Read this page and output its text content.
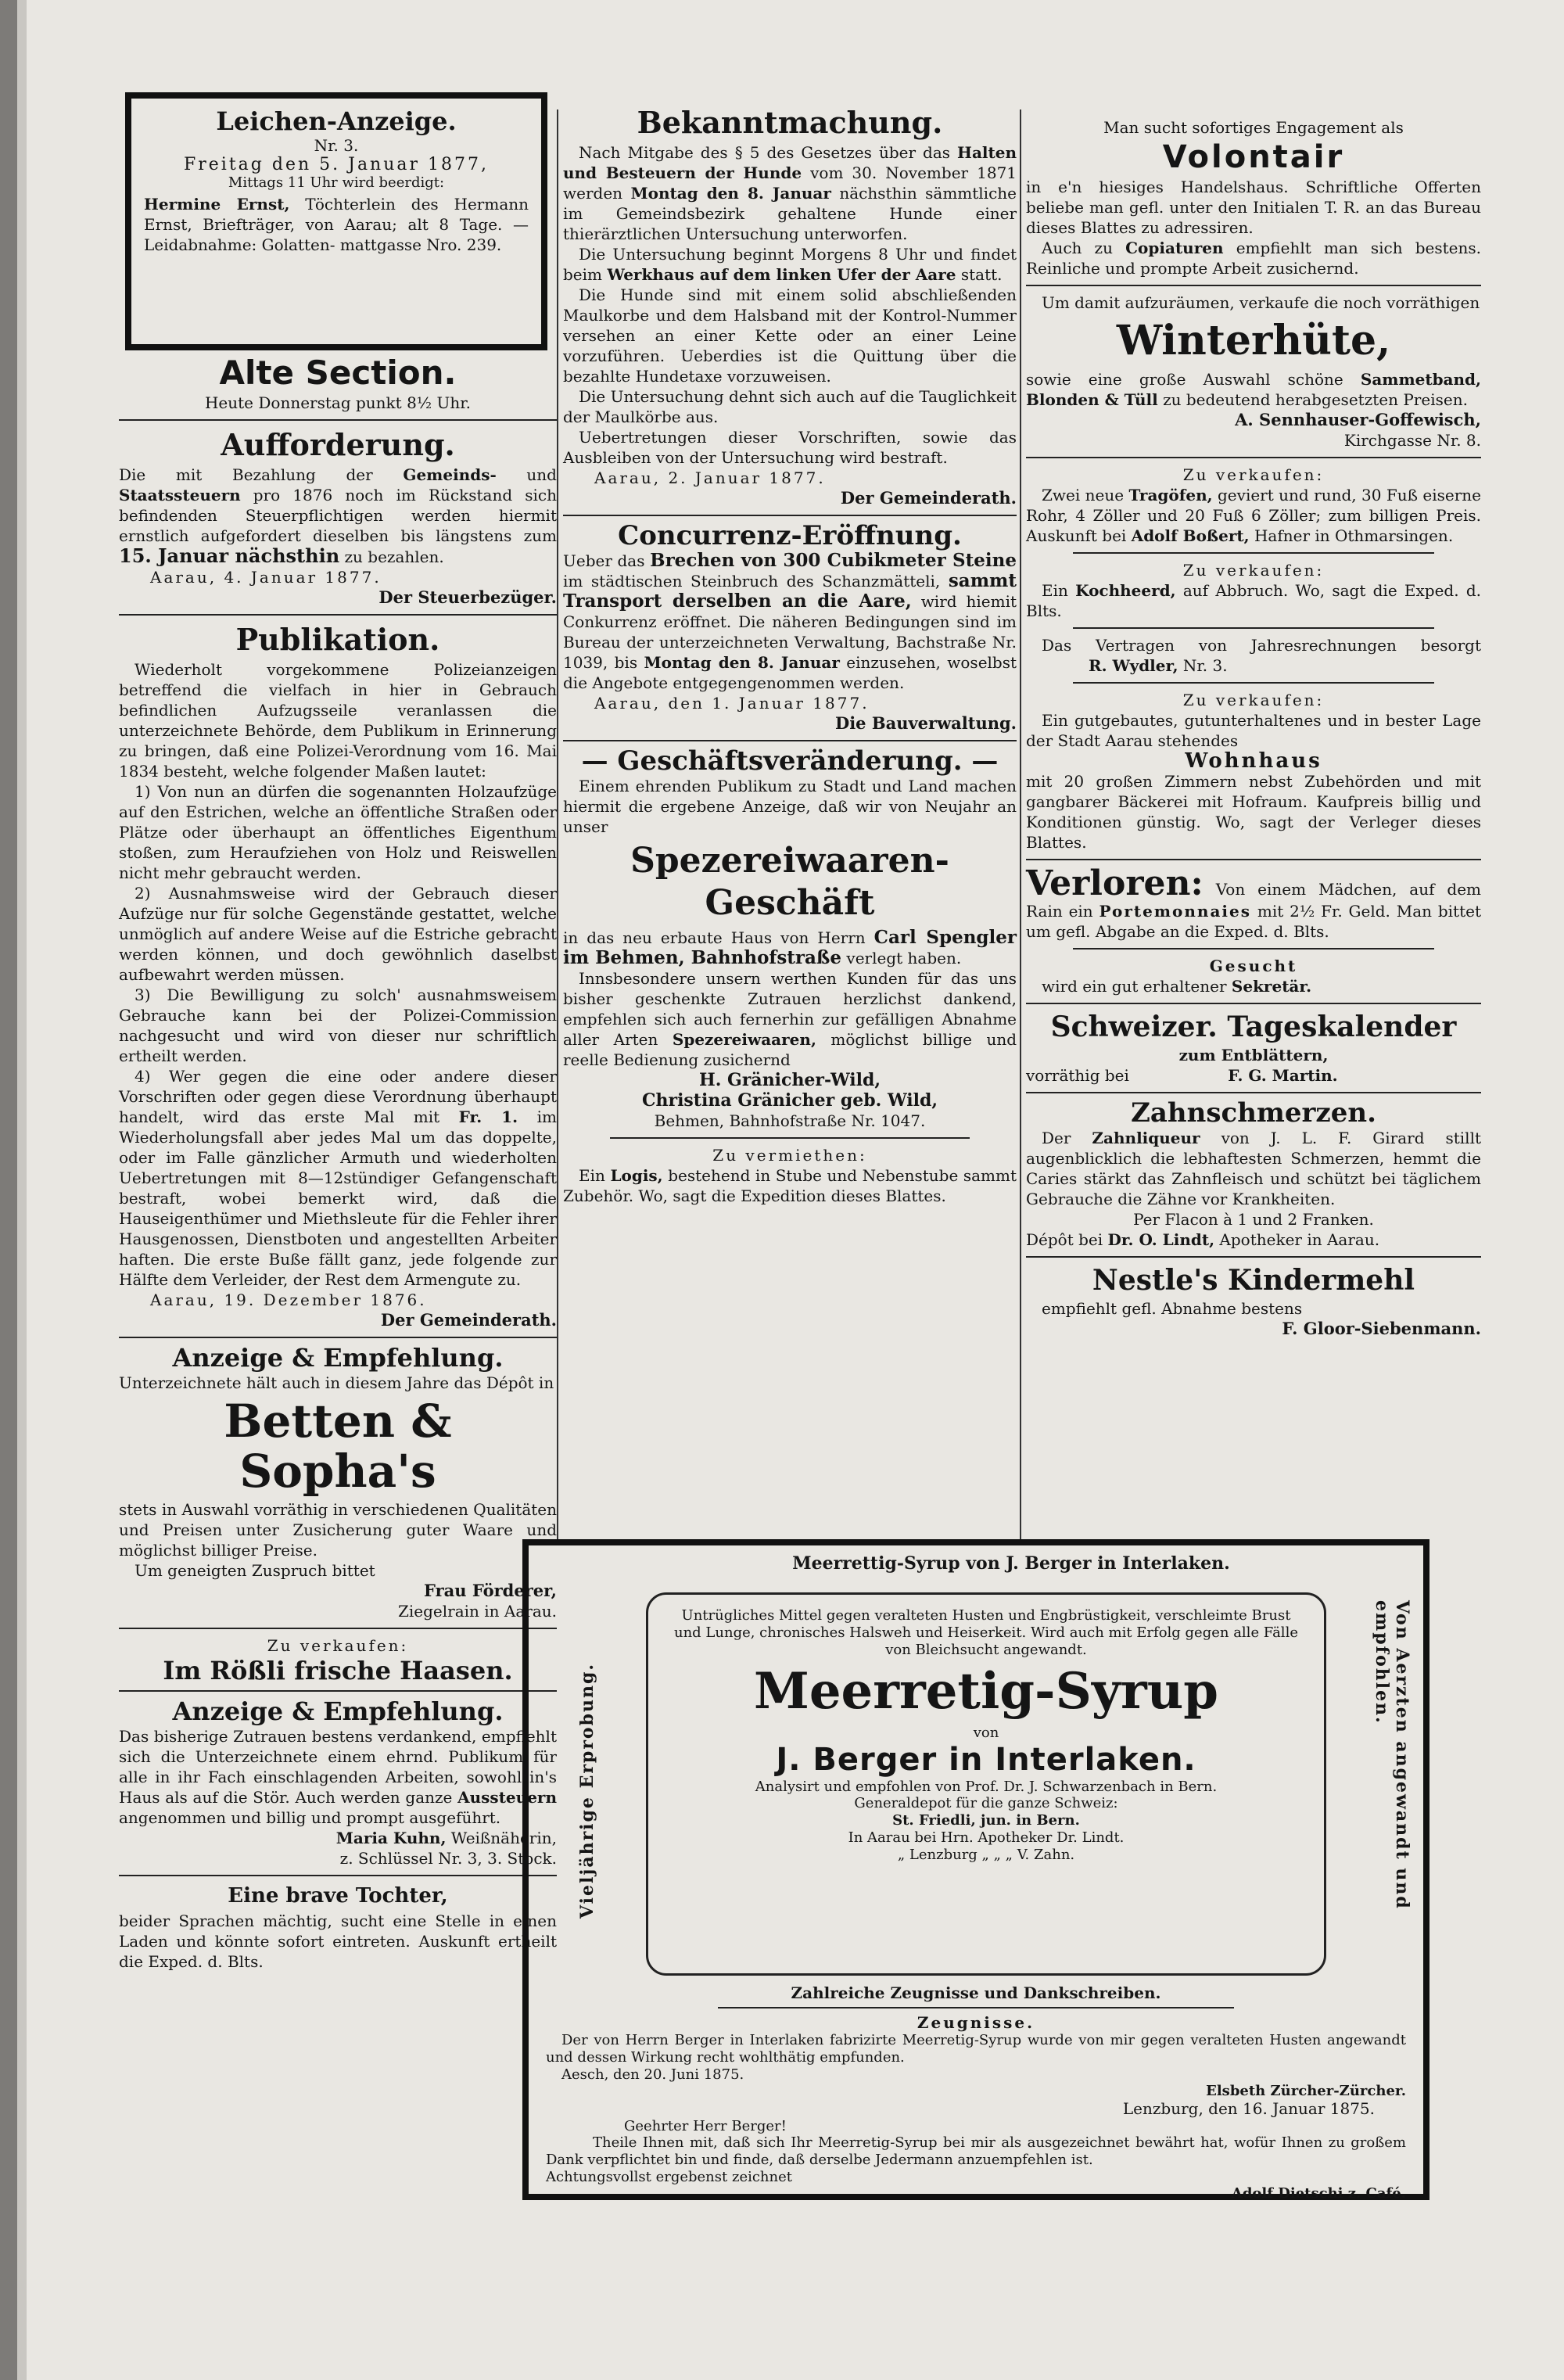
Leichen-Anzeige.
Nr. 3.
Freitag den 5. Januar 1877,
Mittags 11 Uhr wird beerdigt:

Hermine Ernst, Töchterlein des Hermann Ernst, Briefträger, von Aarau; alt 8 Tage. — Leidabnahme: Golatten- mattgasse Nro. 239.

Alte Section.
Heute Donnerstag punkt 8½ Uhr.
Aufforderung.

Die mit Bezahlung der Gemeinds- und Staatssteuern pro 1876 noch im Rückstand sich befindenden Steuerpflichtigen werden hiermit ernstlich aufgefordert dieselben bis längstens zum 15. Januar nächsthin zu bezahlen.

Aarau, 4. Januar 1877.
Der Steuerbezüger.
Publikation.

Wiederholt vorgekommene Polizeianzeigen betreffend die vielfach in hier in Gebrauch befindlichen Aufzugsseile veranlassen die unterzeichnete Behörde, dem Publikum in Erinnerung zu bringen, daß eine Polizei-Verordnung vom 16. Mai 1834 besteht, welche folgender Maßen lautet:

1) Von nun an dürfen die sogenannten Holzaufzüge auf den Estrichen, welche an öffentliche Straßen oder Plätze oder überhaupt an öffentliches Eigenthum stoßen, zum Heraufziehen von Holz und Reiswellen nicht mehr gebraucht werden.

2) Ausnahmsweise wird der Gebrauch dieser Aufzüge nur für solche Gegenstände gestattet, welche unmöglich auf andere Weise auf die Estriche gebracht werden können, und doch gewöhnlich daselbst aufbewahrt werden müssen.

3) Die Bewilligung zu solch' ausnahmsweisem Gebrauche kann bei der Polizei-Commission nachgesucht und wird von dieser nur schriftlich ertheilt werden.

4) Wer gegen die eine oder andere dieser Vorschriften oder gegen diese Verordnung überhaupt handelt, wird das erste Mal mit Fr. 1. im Wiederholungsfall aber jedes Mal um das doppelte, oder im Falle gänzlicher Armuth und wiederholten Uebertretungen mit 8—12stündiger Gefangenschaft bestraft, wobei bemerkt wird, daß die Hauseigenthümer und Miethsleute für die Fehler ihrer Hausgenossen, Dienstboten und angestellten Arbeiter haften. Die erste Buße fällt ganz, jede folgende zur Hälfte dem Verleider, der Rest dem Armengute zu.

Aarau, 19. Dezember 1876.
Der Gemeinderath.
Anzeige & Empfehlung.

Unterzeichnete hält auch in diesem Jahre das Dépôt in

Betten & Sopha's

stets in Auswahl vorräthig in verschiedenen Qualitäten und Preisen unter Zusicherung guter Waare und möglichst billiger Preise.

Um geneigten Zuspruch bittet

Frau Förderer,
Ziegelrain in Aarau.
Zu verkaufen:
Im Rößli frische Haasen.
Anzeige & Empfehlung.

Das bisherige Zutrauen bestens verdankend, empfiehlt sich die Unterzeichnete einem ehrnd. Publikum für alle in ihr Fach einschlagenden Arbeiten, sowohl in's Haus als auf die Stör. Auch werden ganze Aussteuern angenommen und billig und prompt ausgeführt.

Maria Kuhn, Weißnäherin,
z. Schlüssel Nr. 3, 3. Stock.
Eine brave Tochter,

beider Sprachen mächtig, sucht eine Stelle in einen Laden und könnte sofort eintreten. Auskunft ertheilt die Exped. d. Blts.

Bekanntmachung.

Nach Mitgabe des § 5 des Gesetzes über das Halten und Besteuern der Hunde vom 30. November 1871 werden Montag den 8. Januar nächsthin sämmtliche im Gemeindsbezirk gehaltene Hunde einer thierärztlichen Untersuchung unterworfen.

Die Untersuchung beginnt Morgens 8 Uhr und findet beim Werkhaus auf dem linken Ufer der Aare statt.

Die Hunde sind mit einem solid abschließenden Maulkorbe und dem Halsband mit der Kontrol-Nummer versehen an einer Kette oder an einer Leine vorzuführen. Ueberdies ist die Quittung über die bezahlte Hundetaxe vorzuweisen.

Die Untersuchung dehnt sich auch auf die Tauglichkeit der Maulkörbe aus.

Uebertretungen dieser Vorschriften, sowie das Ausbleiben von der Untersuchung wird bestraft.

Aarau, 2. Januar 1877.
Der Gemeinderath.
Concurrenz-Eröffnung.

Ueber das Brechen von 300 Cubikmeter Steine im städtischen Steinbruch des Schanzmätteli, sammt Transport derselben an die Aare, wird hiemit Conkurrenz eröffnet. Die näheren Bedingungen sind im Bureau der unterzeichneten Verwaltung, Bachstraße Nr. 1039, bis Montag den 8. Januar einzusehen, woselbst die Angebote entgegengenommen werden.

Aarau, den 1. Januar 1877.
Die Bauverwaltung.
— Geschäftsveränderung. —

Einem ehrenden Publikum zu Stadt und Land machen hiermit die ergebene Anzeige, daß wir von Neujahr an unser

Spezereiwaaren-Geschäft

in das neu erbaute Haus von Herrn Carl Spengler im Behmen, Bahnhofstraße verlegt haben.

Innsbesondere unsern werthen Kunden für das uns bisher geschenkte Zutrauen herzlichst dankend, empfehlen sich auch fernerhin zur gefälligen Abnahme aller Arten Spezereiwaaren, möglichst billige und reelle Bedienung zusichernd

H. Gränicher-Wild,
Christina Gränicher geb. Wild,
Behmen, Bahnhofstraße Nr. 1047.
Zu vermiethen:

Ein Logis, bestehend in Stube und Nebenstube sammt Zubehör. Wo, sagt die Expedition dieses Blattes.

Man sucht sofortiges Engagement als
Volontair

in e'n hiesiges Handelshaus. Schriftliche Offerten beliebe man gefl. unter den Initialen T. R. an das Bureau dieses Blattes zu adressiren.

Auch zu Copiaturen empfiehlt man sich bestens. Reinliche und prompte Arbeit zusichernd.

Um damit aufzuräumen, verkaufe die noch vorräthigen

Winterhüte,

sowie eine große Auswahl schöne Sammetband, Blonden & Tüll zu bedeutend herabgesetzten Preisen.

A. Sennhauser-Goffewisch,
Kirchgasse Nr. 8.
Zu verkaufen:

Zwei neue Tragöfen, geviert und rund, 30 Fuß eiserne Rohr, 4 Zöller und 20 Fuß 6 Zöller; zum billigen Preis. Auskunft bei Adolf Boßert, Hafner in Othmarsingen.

Zu verkaufen:

Ein Kochheerd, auf Abbruch. Wo, sagt die Exped. d. Blts.

Das Vertragen von Jahresrechnungen besorgt R. Wydler, Nr. 3.

Zu verkaufen:

Ein gutgebautes, gutunterhaltenes und in bester Lage der Stadt Aarau stehendes

Wohnhaus

mit 20 großen Zimmern nebst Zubehörden und mit gangbarer Bäckerei mit Hofraum. Kaufpreis billig und Konditionen günstig. Wo, sagt der Verleger dieses Blattes.

Verloren: Von einem Mädchen, auf dem Rain ein Portemonnaies mit 2½ Fr. Geld. Man bittet um gefl. Abgabe an die Exped. d. Blts.

Gesucht

wird ein gut erhaltener Sekretär.

Schweizer. Tageskalender
zum Entblättern,
vorräthig bei	F. G. Martin.
Zahnschmerzen.

Der Zahnliqueur von J. L. F. Girard stillt augenblicklich die lebhaftesten Schmerzen, hemmt die Caries stärkt das Zahnfleisch und schützt bei täglichem Gebrauche die Zähne vor Krankheiten.

Per Flacon à 1 und 2 Franken.

Dépôt bei Dr. O. Lindt, Apotheker in Aarau.

Nestle's Kindermehl
empfiehlt gefl. Abnahme bestens
F. Gloor-Siebenmann.
Meerrettig-Syrup von J. Berger in Interlaken.
Vieljährige Erprobung.	Von Aerzten angewandt und empfohlen.

Untrügliches Mittel gegen veralteten Husten und Engbrüstigkeit, verschleimte Brust und Lunge, chronisches Halsweh und Heiserkeit. Wird auch mit Erfolg gegen alle Fälle von Bleichsucht angewandt.

Meerretig-Syrup
von
J. Berger in Interlaken.
Analysirt und empfohlen von Prof. Dr. J. Schwarzenbach in Bern.
Generaldepot für die ganze Schweiz:
St. Friedli, jun. in Bern.
In Aarau bei Hrn. Apotheker Dr. Lindt.
„ Lenzburg „ „ „ V. Zahn.
Zahlreiche Zeugnisse und Dankschreiben.
Zeugnisse.

Der von Herrn Berger in Interlaken fabrizirte Meerretig-Syrup wurde von mir gegen veralteten Husten angewandt und dessen Wirkung recht wohlthätig empfunden.

Aesch, den 20. Juni 1875.
Elsbeth Zürcher-Zürcher.
Lenzburg, den 16. Januar 1875.
Geehrter Herr Berger!

Theile Ihnen mit, daß sich Ihr Meerretig-Syrup bei mir als ausgezeichnet bewährt hat, wofür Ihnen zu großem Dank verpflichtet bin und finde, daß derselbe Jedermann anzuempfehlen ist.

Achtungsvollst ergebenst zeichnet
Adolf Dietschi z. Café.
